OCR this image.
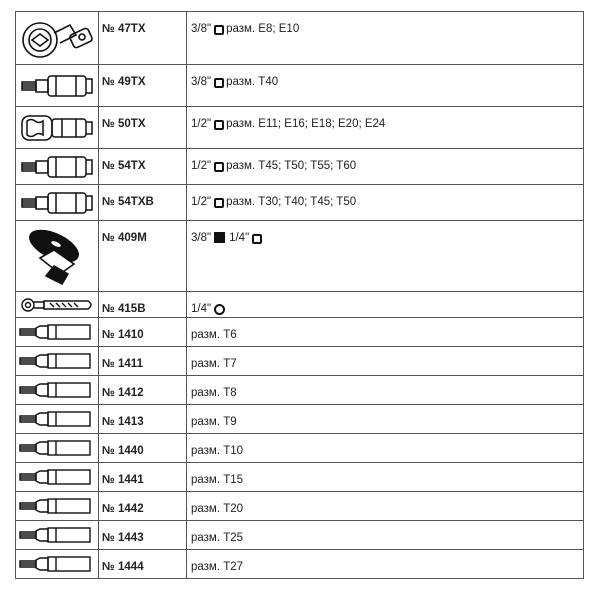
№ 47TX	3/8" разм. E8; E10

№ 49TX	3/8" разм. T40

№ 50TX	1/2" разм. E11; E16; E18; E20; E24

№ 54TX	1/2" разм. T45; T50; T55; T60

№ 54TXB	1/2" разм. T30; T40; T45; T50

№ 409M	3/8" 1/4"

№ 415B	1/4"

№ 1410	разм. T6

№ 1411	разм. T7

№ 1412	разм. T8

№ 1413	разм. T9

№ 1440	разм. T10

№ 1441	разм. T15

№ 1442	разм. T20

№ 1443	разм. T25

№ 1444	разм. T27
